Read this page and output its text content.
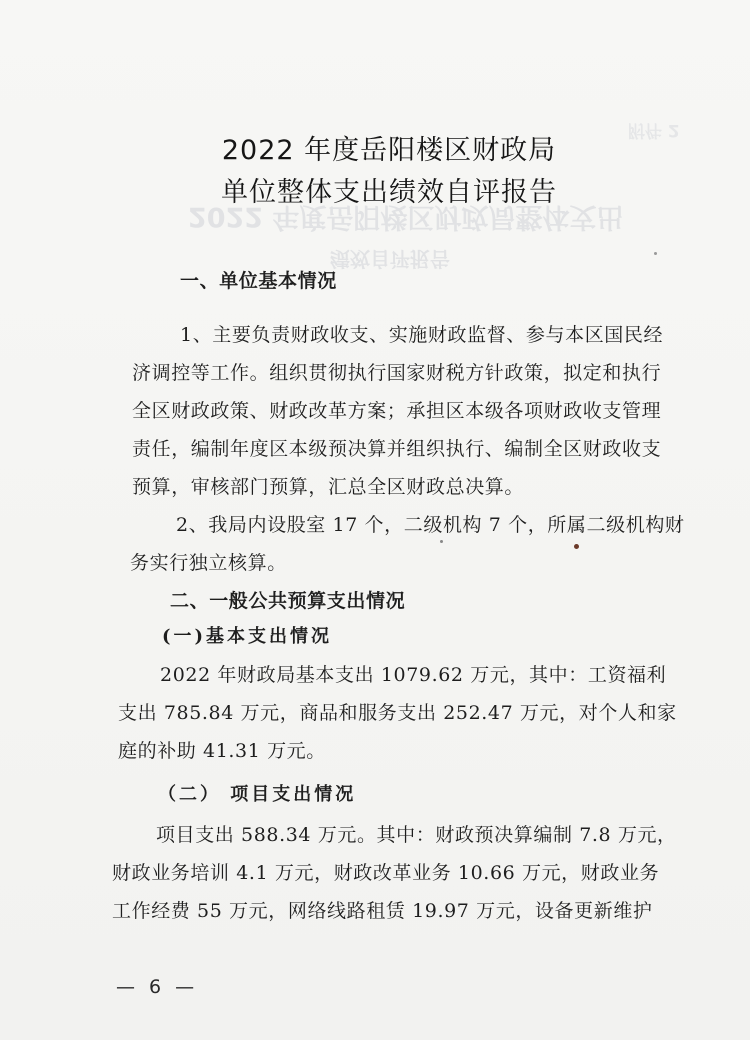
附件 2
2022 年度岳阳楼区财政局整体支出
绩效自评报告
2022 年度岳阳楼区财政局
单位整体支出绩效自评报告
一、单位基本情况
1、主要负责财政收支、实施财政监督、参与本区国民经
济调控等工作。组织贯彻执行国家财税方针政策，拟定和执行
全区财政政策、财政改革方案；承担区本级各项财政收支管理
责任，编制年度区本级预决算并组织执行、编制全区财政收支
预算，审核部门预算，汇总全区财政总决算。
2、我局内设股室 17 个，二级机构 7 个，所属二级机构财
务实行独立核算。
二、一般公共预算支出情况
(一)基本支出情况
2022 年财政局基本支出 1079.62 万元，其中：工资福利
支出 785.84 万元，商品和服务支出 252.47 万元，对个人和家
庭的补助 41.31 万元。
（二） 项目支出情况
项目支出 588.34 万元。其中：财政预决算编制 7.8 万元，
财政业务培训 4.1 万元，财政改革业务 10.66 万元，财政业务
工作经费 55 万元，网络线路租赁 19.97 万元，设备更新维护
— 6 —
